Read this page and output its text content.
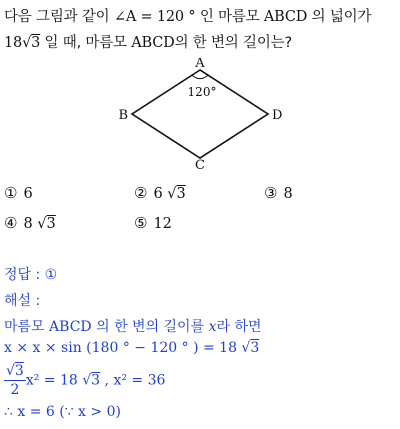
다음 그림과 같이 ∠A = 120 ° 인 마름모 ABCD 의 넓이가
18√3 일 때, 마름모 ABCD의 한 변의 길이는?
A
B
C
D
120°
① 6	② 6 √3	③ 8
④ 8 √3	⑤ 12
정답 : ①
해설 :
마름모 ABCD 의 한 변의 길이를 x라 하면
x × x × sin (180 ° − 120 ° ) = 18 √3
$\frac{√3}{2} x^2 = 18$ √3 , x² = 36
∴ x = 6 (∵ x > 0)
